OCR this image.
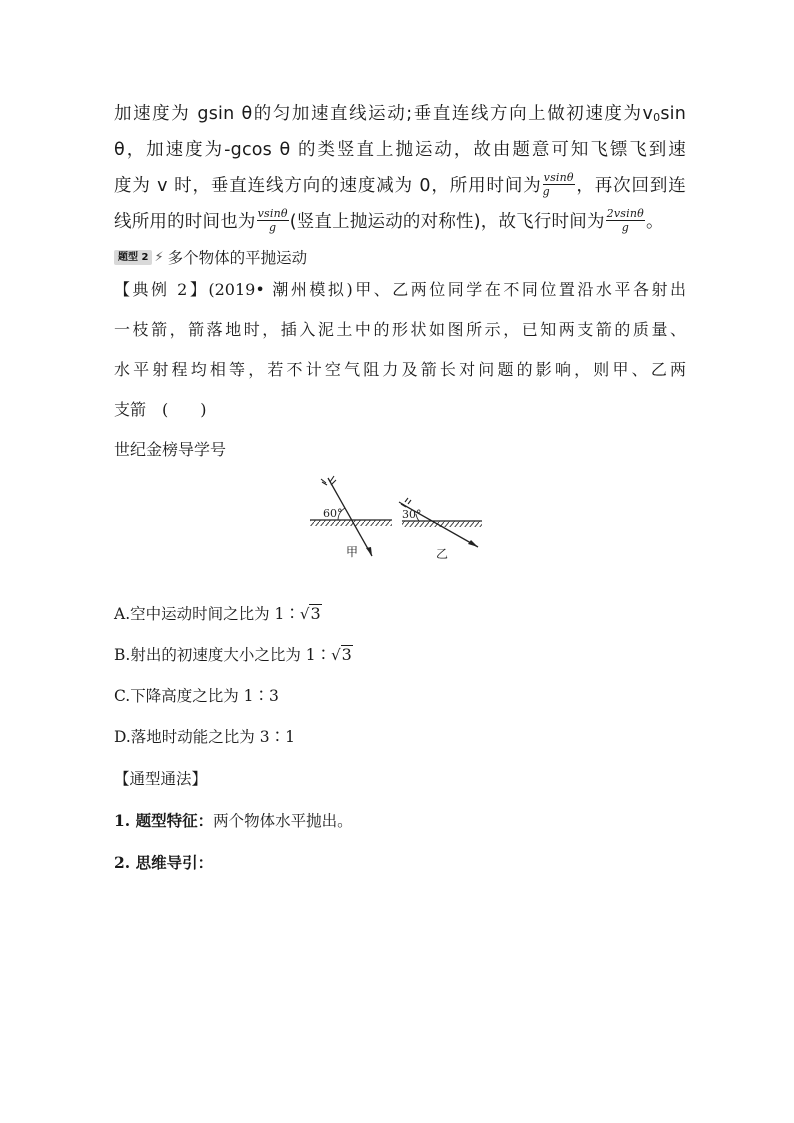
加速度为 gsin θ的匀加速直线运动;垂直连线方向上做初速度为$v_0\sin$
θ，加速度为-gcos θ 的类竖直上抛运动，故由题意可知飞镖飞到速
度为 v 时，垂直连线方向的速度减为 0，所用时间为 $\frac{vsin\theta}{g}$ ，再次回到连
线所用的时间也为 $\frac{vsin\theta}{g}$ (竖直上抛运动的对称性)，故飞行时间为 $\frac{2vsin\theta}{g}$ 。
题型 2 ⚡ 多个物体的平抛运动
【典例 2】(2019• 潮州模拟)甲、乙两位同学在不同位置沿水平各射出
一枝箭，箭落地时，插入泥土中的形状如图所示，已知两支箭的质量、
水平射程均相等，若不计空气阻力及箭长对问题的影响，则甲、乙两
支箭　(　　)
世纪金榜导学号
60°
甲
30°
乙
A.空中运动时间之比为 1∶√3
B.射出的初速度大小之比为 1∶√3
C.下降高度之比为 1∶3
D.落地时动能之比为 3∶1
【通型通法】
1. 题型特征：两个物体水平抛出。
2. 思维导引：
